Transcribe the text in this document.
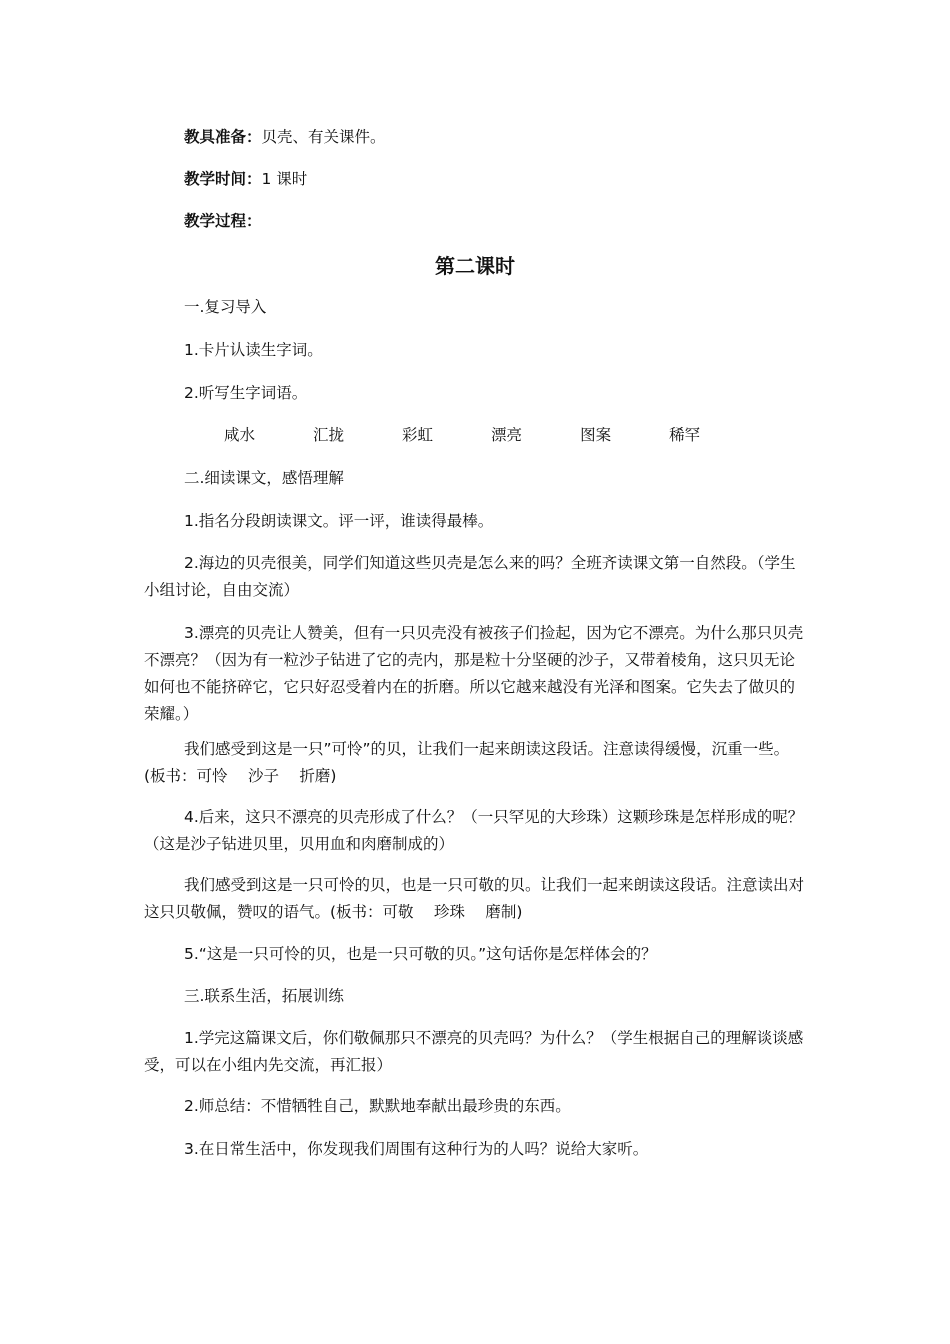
教具准备：贝壳、有关课件。

教学时间：1 课时

教学过程：

第二课时

一.复习导入

1.卡片认读生字词。

2.听写生字词语。

咸水	汇拢	彩虹	漂亮	图案	稀罕

二.细读课文，感悟理解

1.指名分段朗读课文。评一评，谁读得最棒。

2.海边的贝壳很美，同学们知道这些贝壳是怎么来的吗？全班齐读课文第一自然段。（学生小组讨论，自由交流）

3.漂亮的贝壳让人赞美，但有一只贝壳没有被孩子们捡起，因为它不漂亮。为什么那只贝壳不漂亮？（因为有一粒沙子钻进了它的壳内，那是粒十分坚硬的沙子，又带着棱角，这只贝无论如何也不能挤碎它，它只好忍受着内在的折磨。所以它越来越没有光泽和图案。它失去了做贝的荣耀。）

我们感受到这是一只”可怜”的贝，让我们一起来朗读这段话。注意读得缓慢，沉重一些。(板书：可怜　 沙子　 折磨)

4.后来，这只不漂亮的贝壳形成了什么？（一只罕见的大珍珠）这颗珍珠是怎样形成的呢？（这是沙子钻进贝里，贝用血和肉磨制成的）

我们感受到这是一只可怜的贝，也是一只可敬的贝。让我们一起来朗读这段话。注意读出对这只贝敬佩，赞叹的语气。(板书：可敬　 珍珠　 磨制)

5.“这是一只可怜的贝，也是一只可敬的贝。”这句话你是怎样体会的？

三.联系生活，拓展训练

1.学完这篇课文后，你们敬佩那只不漂亮的贝壳吗？为什么？（学生根据自己的理解谈谈感受，可以在小组内先交流，再汇报）

2.师总结：不惜牺牲自己，默默地奉献出最珍贵的东西。

3.在日常生活中，你发现我们周围有这种行为的人吗？说给大家听。
